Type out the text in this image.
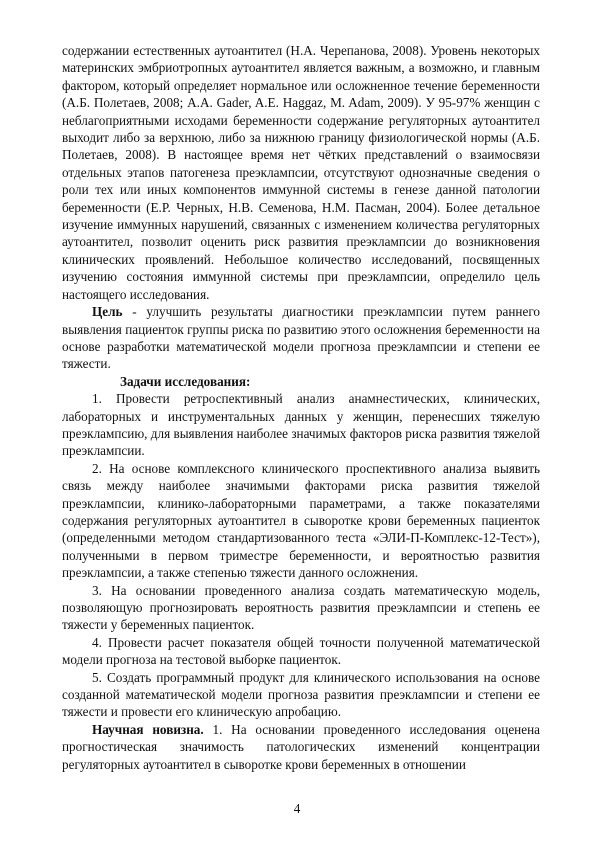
содержании естественных аутоантител (Н.А. Черепанова, 2008). Уровень некоторых материнских эмбриотропных аутоантител является важным, а возможно, и главным фактором, который определяет нормальное или осложненное течение беременности (А.Б. Полетаев, 2008; A.A. Gader, A.E. Haggaz, M. Adam, 2009). У 95-97% женщин с неблагоприятными исходами беременности содержание регуляторных аутоантител выходит либо за верхнюю, либо за нижнюю границу физиологической нормы (А.Б. Полетаев, 2008). В настоящее время нет чётких представлений о взаимосвязи отдельных этапов патогенеза преэклампсии, отсутствуют однозначные сведения о роли тех или иных компонентов иммунной системы в генезе данной патологии беременности (Е.Р. Черных, Н.В. Семенова, Н.М. Пасман, 2004). Более детальное изучение иммунных нарушений, связанных с изменением количества регуляторных аутоантител, позволит оценить риск развития преэклампсии до возникновения клинических проявлений. Небольшое количество исследований, посвященных изучению состояния иммунной системы при преэклампсии, определило цель настоящего исследования.

Цель - улучшить результаты диагностики преэклампсии путем раннего выявления пациенток группы риска по развитию этого осложнения беременности на основе разработки математической модели прогноза преэклампсии и степени ее тяжести.

Задачи исследования:

1. Провести ретроспективный анализ анамнестических, клинических, лабораторных и инструментальных данных у женщин, перенесших тяжелую преэклампсию, для выявления наиболее значимых факторов риска развития тяжелой преэклампсии.

2. На основе комплексного клинического проспективного анализа выявить связь между наиболее значимыми факторами риска развития тяжелой преэклампсии, клинико-лабораторными параметрами, а также показателями содержания регуляторных аутоантител в сыворотке крови беременных пациенток (определенными методом стандартизованного теста «ЭЛИ-П-Комплекс-12-Тест»), полученными в первом триместре беременности, и вероятностью развития преэклампсии, а также степенью тяжести данного осложнения.

3. На основании проведенного анализа создать математическую модель, позволяющую прогнозировать вероятность развития преэклампсии и степень ее тяжести у беременных пациенток.

4. Провести расчет показателя общей точности полученной математической модели прогноза на тестовой выборке пациенток.

5. Создать программный продукт для клинического использования на основе созданной математической модели прогноза развития преэклампсии и степени ее тяжести и провести его клиническую апробацию.

Научная новизна. 1. На основании проведенного исследования оценена прогностическая значимость патологических изменений концентрации регуляторных аутоантител в сыворотке крови беременных в отношении

4
